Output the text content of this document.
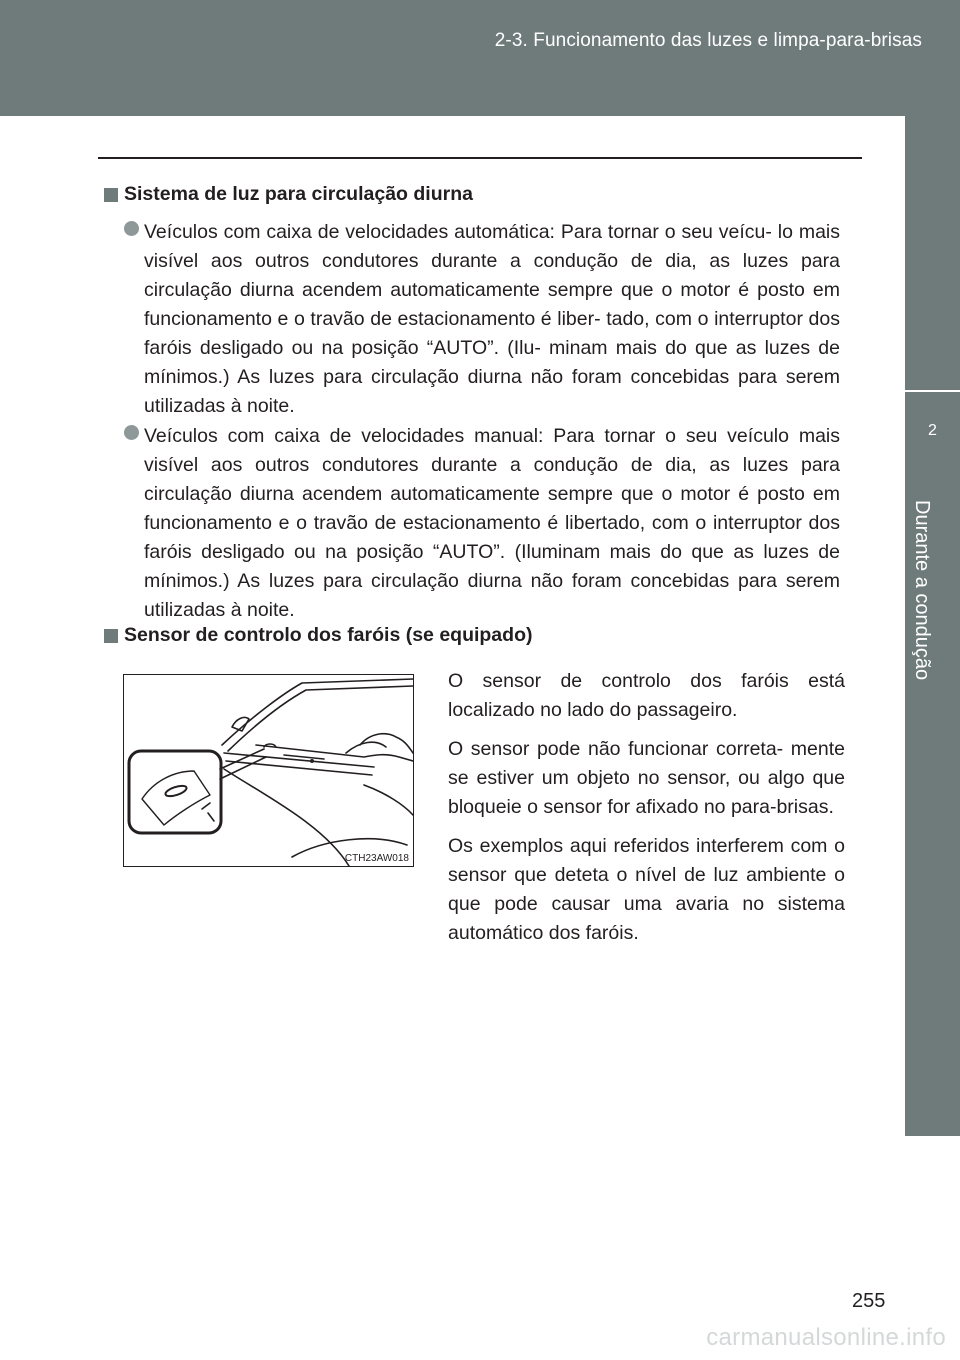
2-3. Funcionamento das luzes e limpa-para-brisas
2
Durante a condução
Sistema de luz para circulação diurna
Veículos com caixa de velocidades automática: Para tornar o seu veícu- lo mais visível aos outros condutores durante a condução de dia, as luzes para circulação diurna acendem automaticamente sempre que o motor é posto em funcionamento e o travão de estacionamento é liber- tado, com o interruptor dos faróis desligado ou na posição “AUTO”. (Ilu- minam mais do que as luzes de mínimos.) As luzes para circulação diurna não foram concebidas para serem utilizadas à noite.
Veículos com caixa de velocidades manual: Para tornar o seu veículo mais visível aos outros condutores durante a condução de dia, as luzes para circulação diurna acendem automaticamente sempre que o motor é posto em funcionamento e o travão de estacionamento é libertado, com o interruptor dos faróis desligado ou na posição “AUTO”. (Iluminam mais do que as luzes de mínimos.) As luzes para circulação diurna não foram concebidas para serem utilizadas à noite.
Sensor de controlo dos faróis (se equipado)
CTH23AW018

O sensor de controlo dos faróis está localizado no lado do passageiro.

O sensor pode não funcionar correta- mente se estiver um objeto no sensor, ou algo que bloqueie o sensor for afixado no para-brisas.

Os exemplos aqui referidos interferem com o sensor que deteta o nível de luz ambiente o que pode causar uma avaria no sistema automático dos faróis.

255
carmanualsonline.info
